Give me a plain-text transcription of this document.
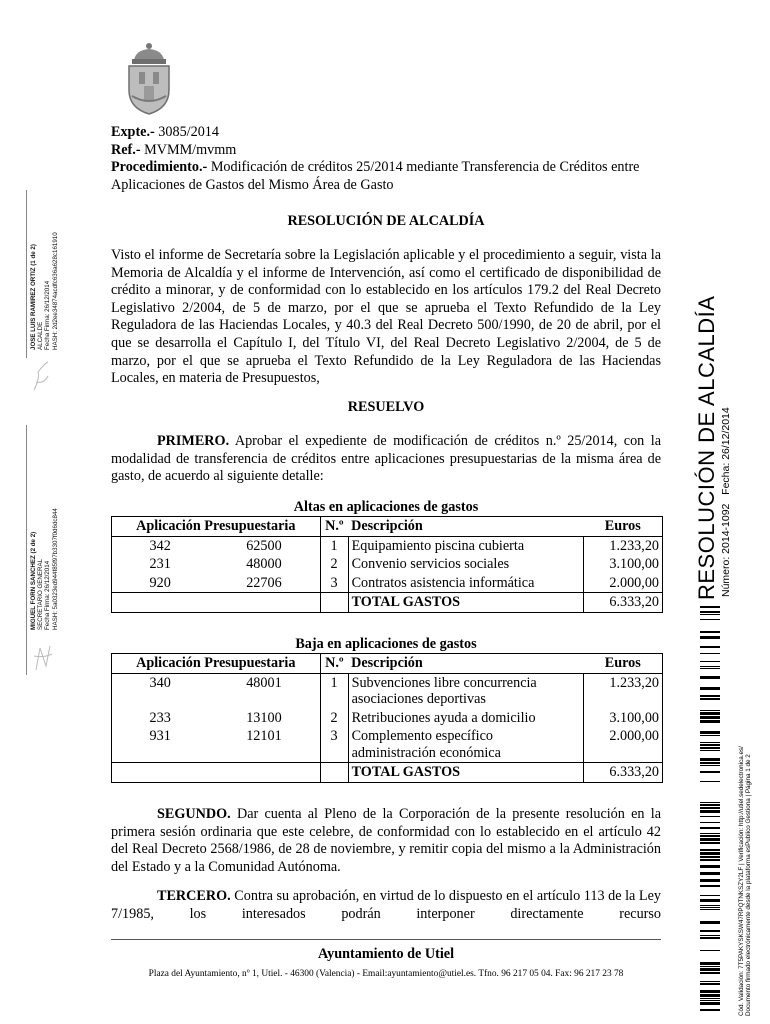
Expte.- 3085/2014
Ref.- MVMM/mvmm
Procedimiento.- Modificación de créditos 25/2014 mediante Transferencia de Créditos entre Aplicaciones de Gastos del Mismo Área de Gasto
RESOLUCIÓN DE ALCALDÍA
Visto el informe de Secretaría sobre la Legislación aplicable y el procedimiento a seguir, vista la Memoria de Alcaldía y el informe de Intervención, así como el certificado de disponibilidad de crédito a minorar, y de conformidad con lo establecido en los artículos 179.2 del Real Decreto Legislativo 2/2004, de 5 de marzo, por el que se aprueba el Texto Refundido de la Ley Reguladora de las Haciendas Locales, y 40.3 del Real Decreto 500/1990, de 20 de abril, por el que se desarrolla el Capítulo I, del Título VI, del Real Decreto Legislativo 2/2004, de 5 de marzo, por el que se aprueba el Texto Refundido de la Ley Reguladora de las Haciendas Locales, en materia de Presupuestos,
RESUELVO
PRIMERO. Aprobar el expediente de modificación de créditos n.º 25/2014, con la modalidad de transferencia de créditos entre aplicaciones presupuestarias de la misma área de gasto, de acuerdo al siguiente detalle:
Altas en aplicaciones de gastos
Aplicación Presupuestaria		N.º	Descripción	Euros
342	62500	1	Equipamiento piscina cubierta	1.233,20
231	48000	2	Convenio servicios sociales	3.100,00
920	22706	3	Contratos asistencia informática	2.000,00
			TOTAL GASTOS	6.333,20
Baja en aplicaciones de gastos
Aplicación Presupuestaria		N.º	Descripción	Euros
340	48001	1	Subvenciones libre concurrencia asociaciones deportivas	1.233,20
233	13100	2	Retribuciones ayuda a domicilio	3.100,00
931	12101	3	Complemento específico administración económica	2.000,00
			TOTAL GASTOS	6.333,20
SEGUNDO. Dar cuenta al Pleno de la Corporación de la presente resolución en la primera sesión ordinaria que este celebre, de conformidad con lo establecido en el artículo 42 del Real Decreto 2568/1986, de 28 de noviembre, y remitir copia del mismo a la Administración del Estado y a la Comunidad Autónoma.
TERCERO. Contra su aprobación, en virtud de lo dispuesto en el artículo 113 de la Ley 7/1985, los interesados podrán interponer directamente recurso
Ayuntamiento de Utiel
Plaza del Ayuntamiento, nº 1, Utiel. - 46300 (Valencia) - Email:ayuntamiento@utiel.es. Tfno. 96 217 05 04. Fax: 96 217 23 78
JOSE LUIS RAMIREZ ORTIZ (1 de 2) ALCALDE Fecha Firma: 26/12/2014 HASH: 2d2ee34874acdfc636a628c161910
MIGUEL FORN SANCHEZ (2 de 2) SECRETARIO GENERAL Fecha Firma: 26/12/2014 HASH: 5a0323ed944f85f97b3307f0d6dc844	RESOLUCIÓN DE ALCALDÍA Número: 2014-1092   Fecha: 26/12/2014
Cód. Validación: 7T5PAKYSKSW47RPQTNKSZY2LF | Verificación: http://utiel.sedelectronica.es/ Documento firmado electrónicamente desde la plataforma esPublico Gestiona | Página 1 de 2
